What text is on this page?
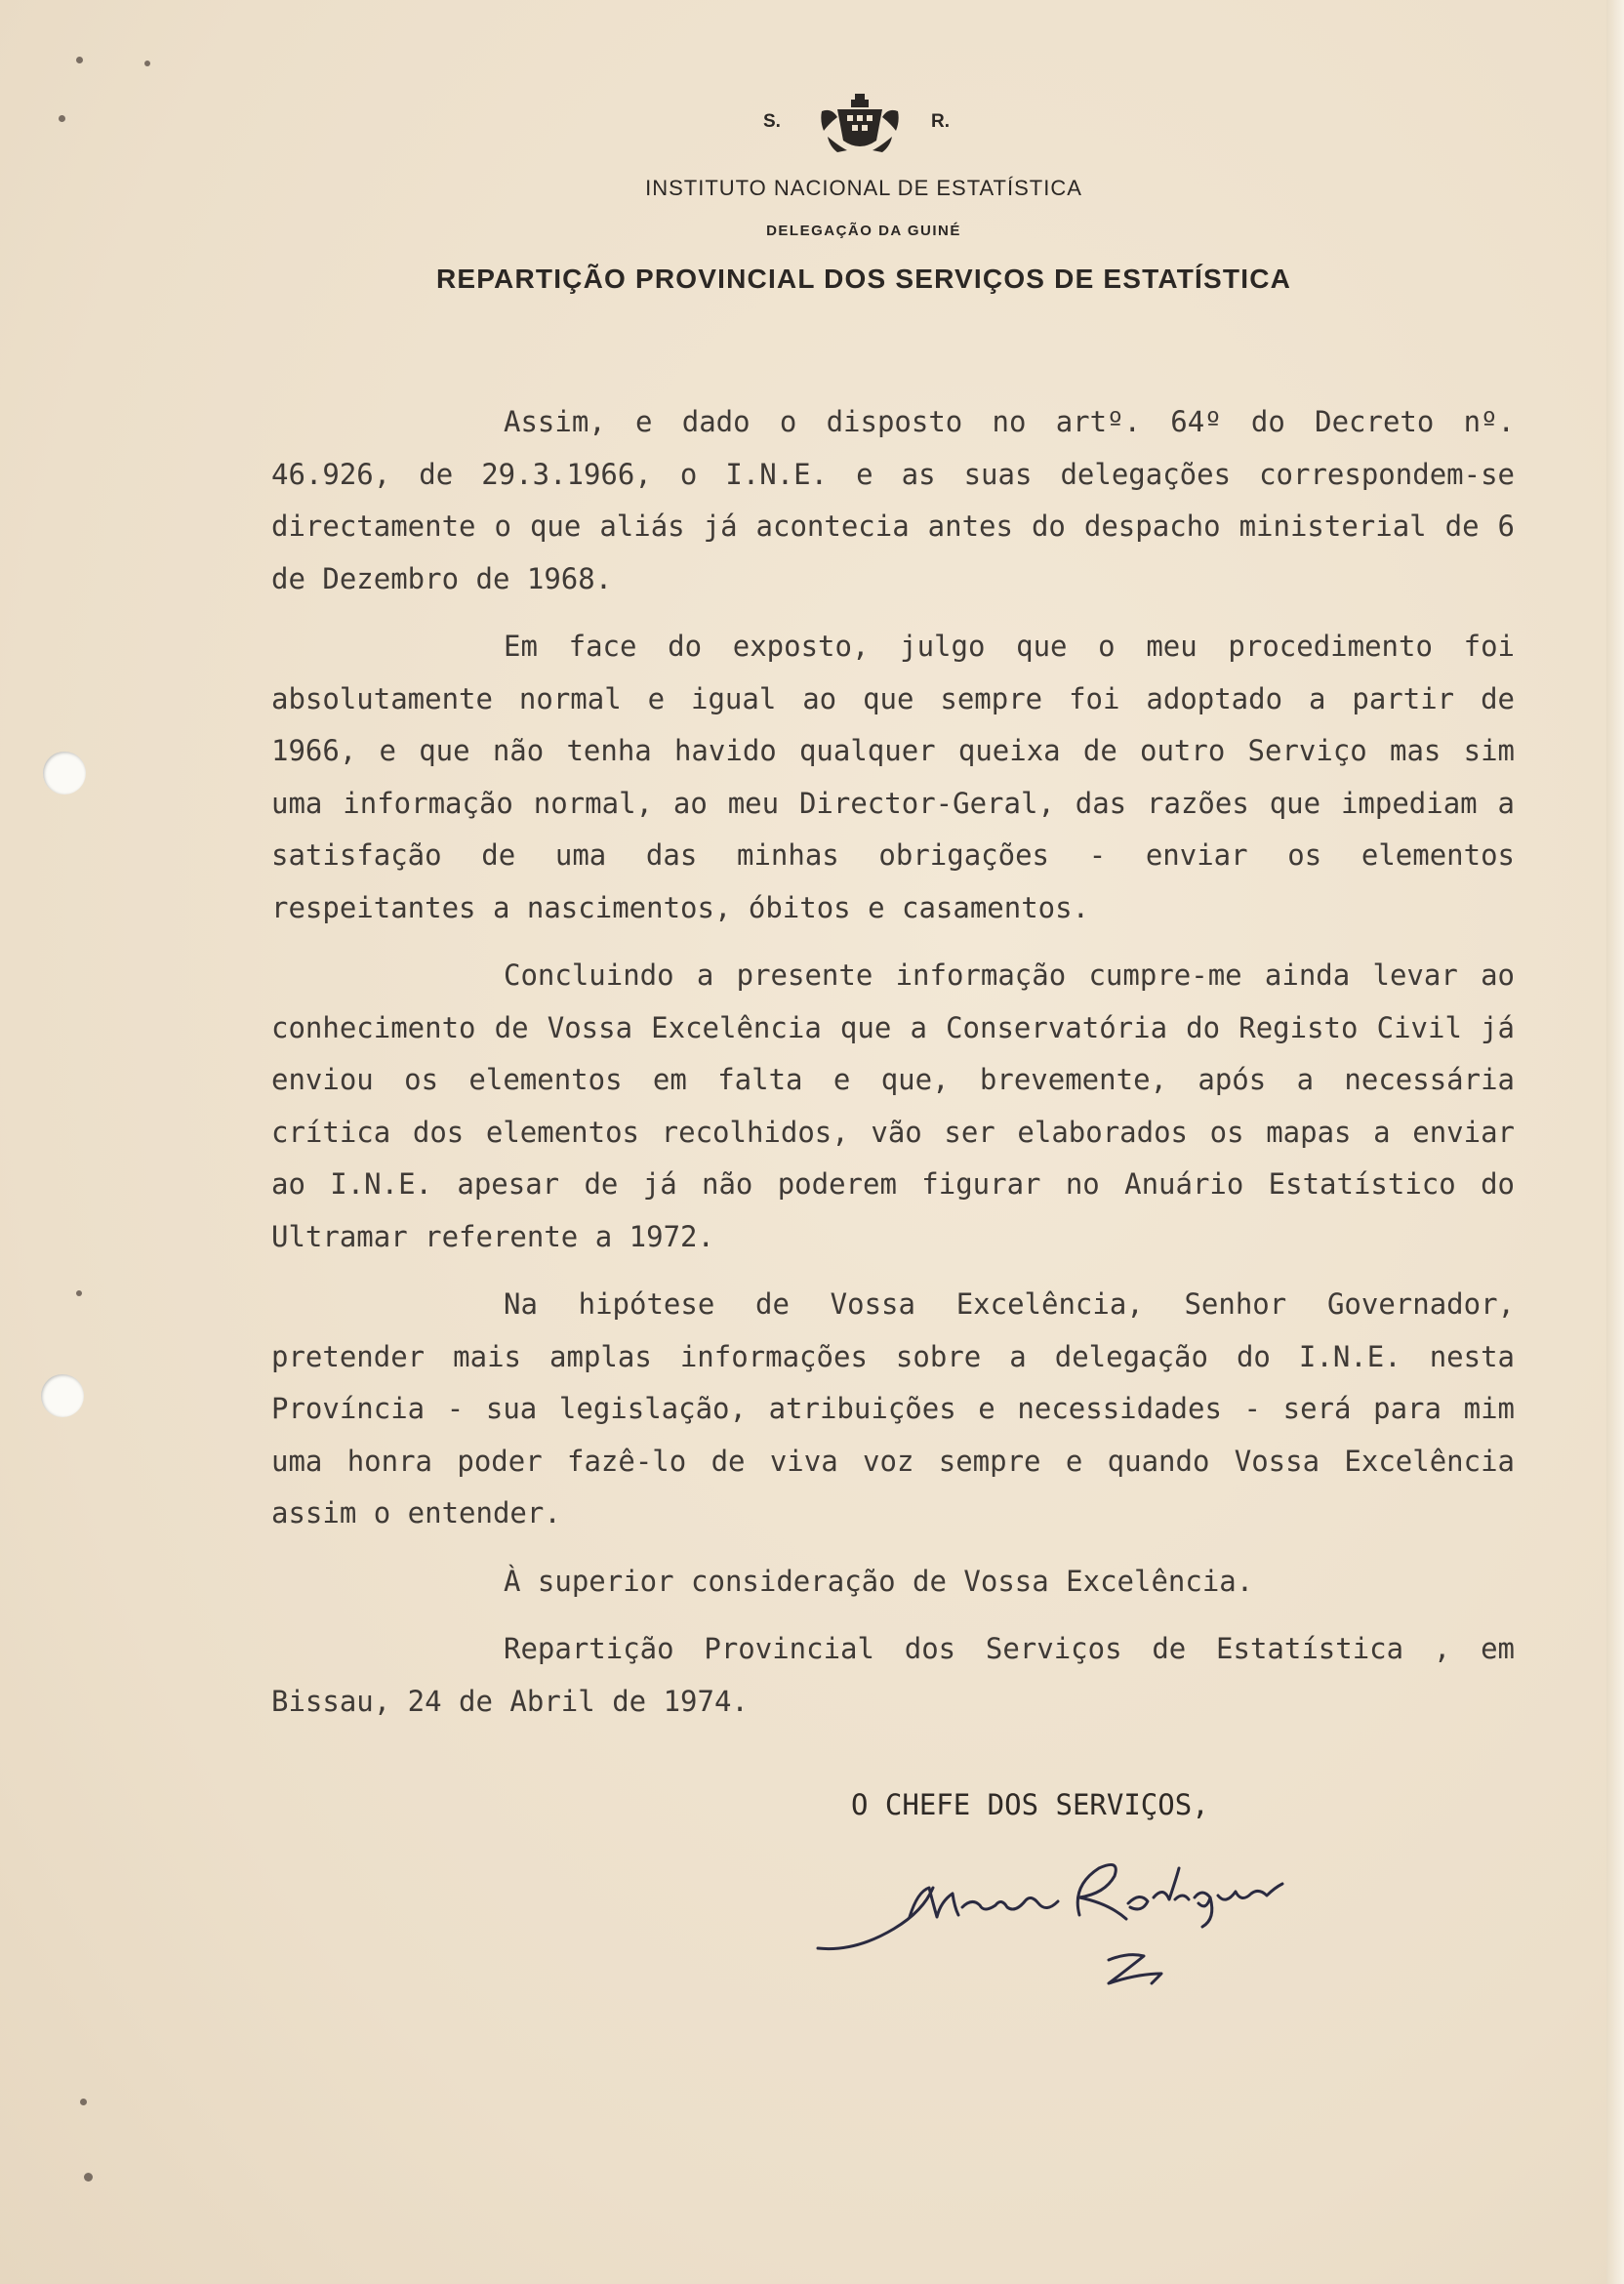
S.	R.
INSTITUTO NACIONAL DE ESTATÍSTICA
DELEGAÇÃO DA GUINÉ
REPARTIÇÃO PROVINCIAL DOS SERVIÇOS DE ESTATÍSTICA

Assim, e dado o disposto no artº. 64º do Decreto nº. 46.926, de 29.3.1966, o I.N.E. e as suas delegações correspondem-se directamente o que aliás já acontecia antes do despacho ministerial de 6 de Dezembro de 1968.

Em face do exposto, julgo que o meu procedimento foi absolutamente normal e igual ao que sempre foi adoptado a partir de 1966, e que não tenha havido qualquer queixa de outro Serviço mas sim uma informação normal, ao meu Director-Geral, das razões que impediam a satisfação de uma das minhas obrigações - enviar os elementos respeitantes a nascimentos, óbitos e casamentos.

Concluindo a presente informação cumpre-me ainda levar ao conhecimento de Vossa Excelência que a Conservatória do Registo Civil já enviou os elementos em falta e que, brevemente, após a necessária crítica dos elementos recolhidos, vão ser elaborados os mapas a enviar ao I.N.E. apesar de já não poderem figurar no Anuário Estatístico do Ultramar referente a 1972.

Na hipótese de Vossa Excelência, Senhor Governador, pretender mais amplas informações sobre a delegação do I.N.E. nesta Província - sua legislação, atribuições e necessidades - será para mim uma honra poder fazê-lo de viva voz sempre e quando Vossa Excelência assim o entender.

À superior consideração de Vossa Excelência.

Repartição Provincial dos Serviços de Estatística , em Bissau, 24 de Abril de 1974.

O CHEFE DOS SERVIÇOS,
